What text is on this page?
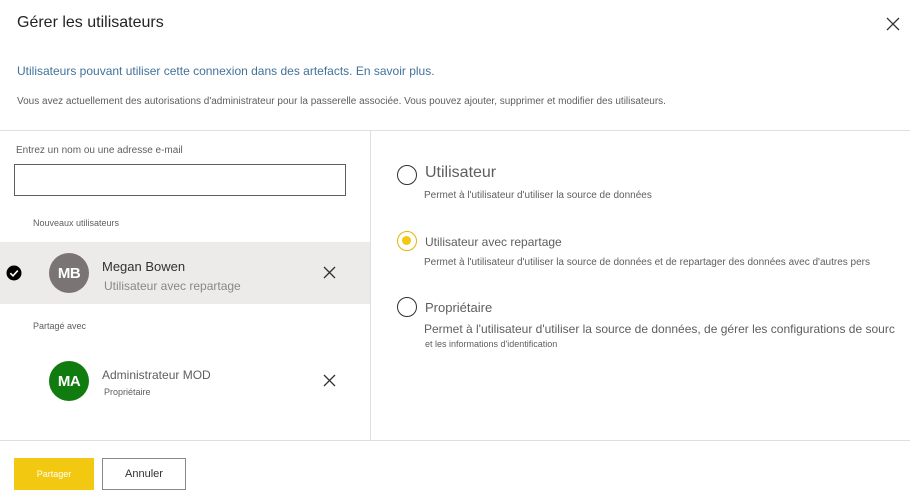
Gérer les utilisateurs
Utilisateurs pouvant utiliser cette connexion dans des artefacts. En savoir plus.
Vous avez actuellement des autorisations d'administrateur pour la passerelle associée. Vous pouvez ajouter, supprimer et modifier des utilisateurs.
Entrez un nom ou une adresse e-mail
Nouveaux utilisateurs
MB	Megan Bowen
Utilisateur avec repartage
Partagé avec
MA	Administrateur MOD
Propriétaire
Utilisateur
Permet à l'utilisateur d'utiliser la source de données
Utilisateur avec repartage
Permet à l'utilisateur d'utiliser la source de données et de repartager des données avec d'autres pers
Propriétaire
Permet à l'utilisateur d'utiliser la source de données, de gérer les configurations de sourc
et les informations d'identification
Partager	Annuler
